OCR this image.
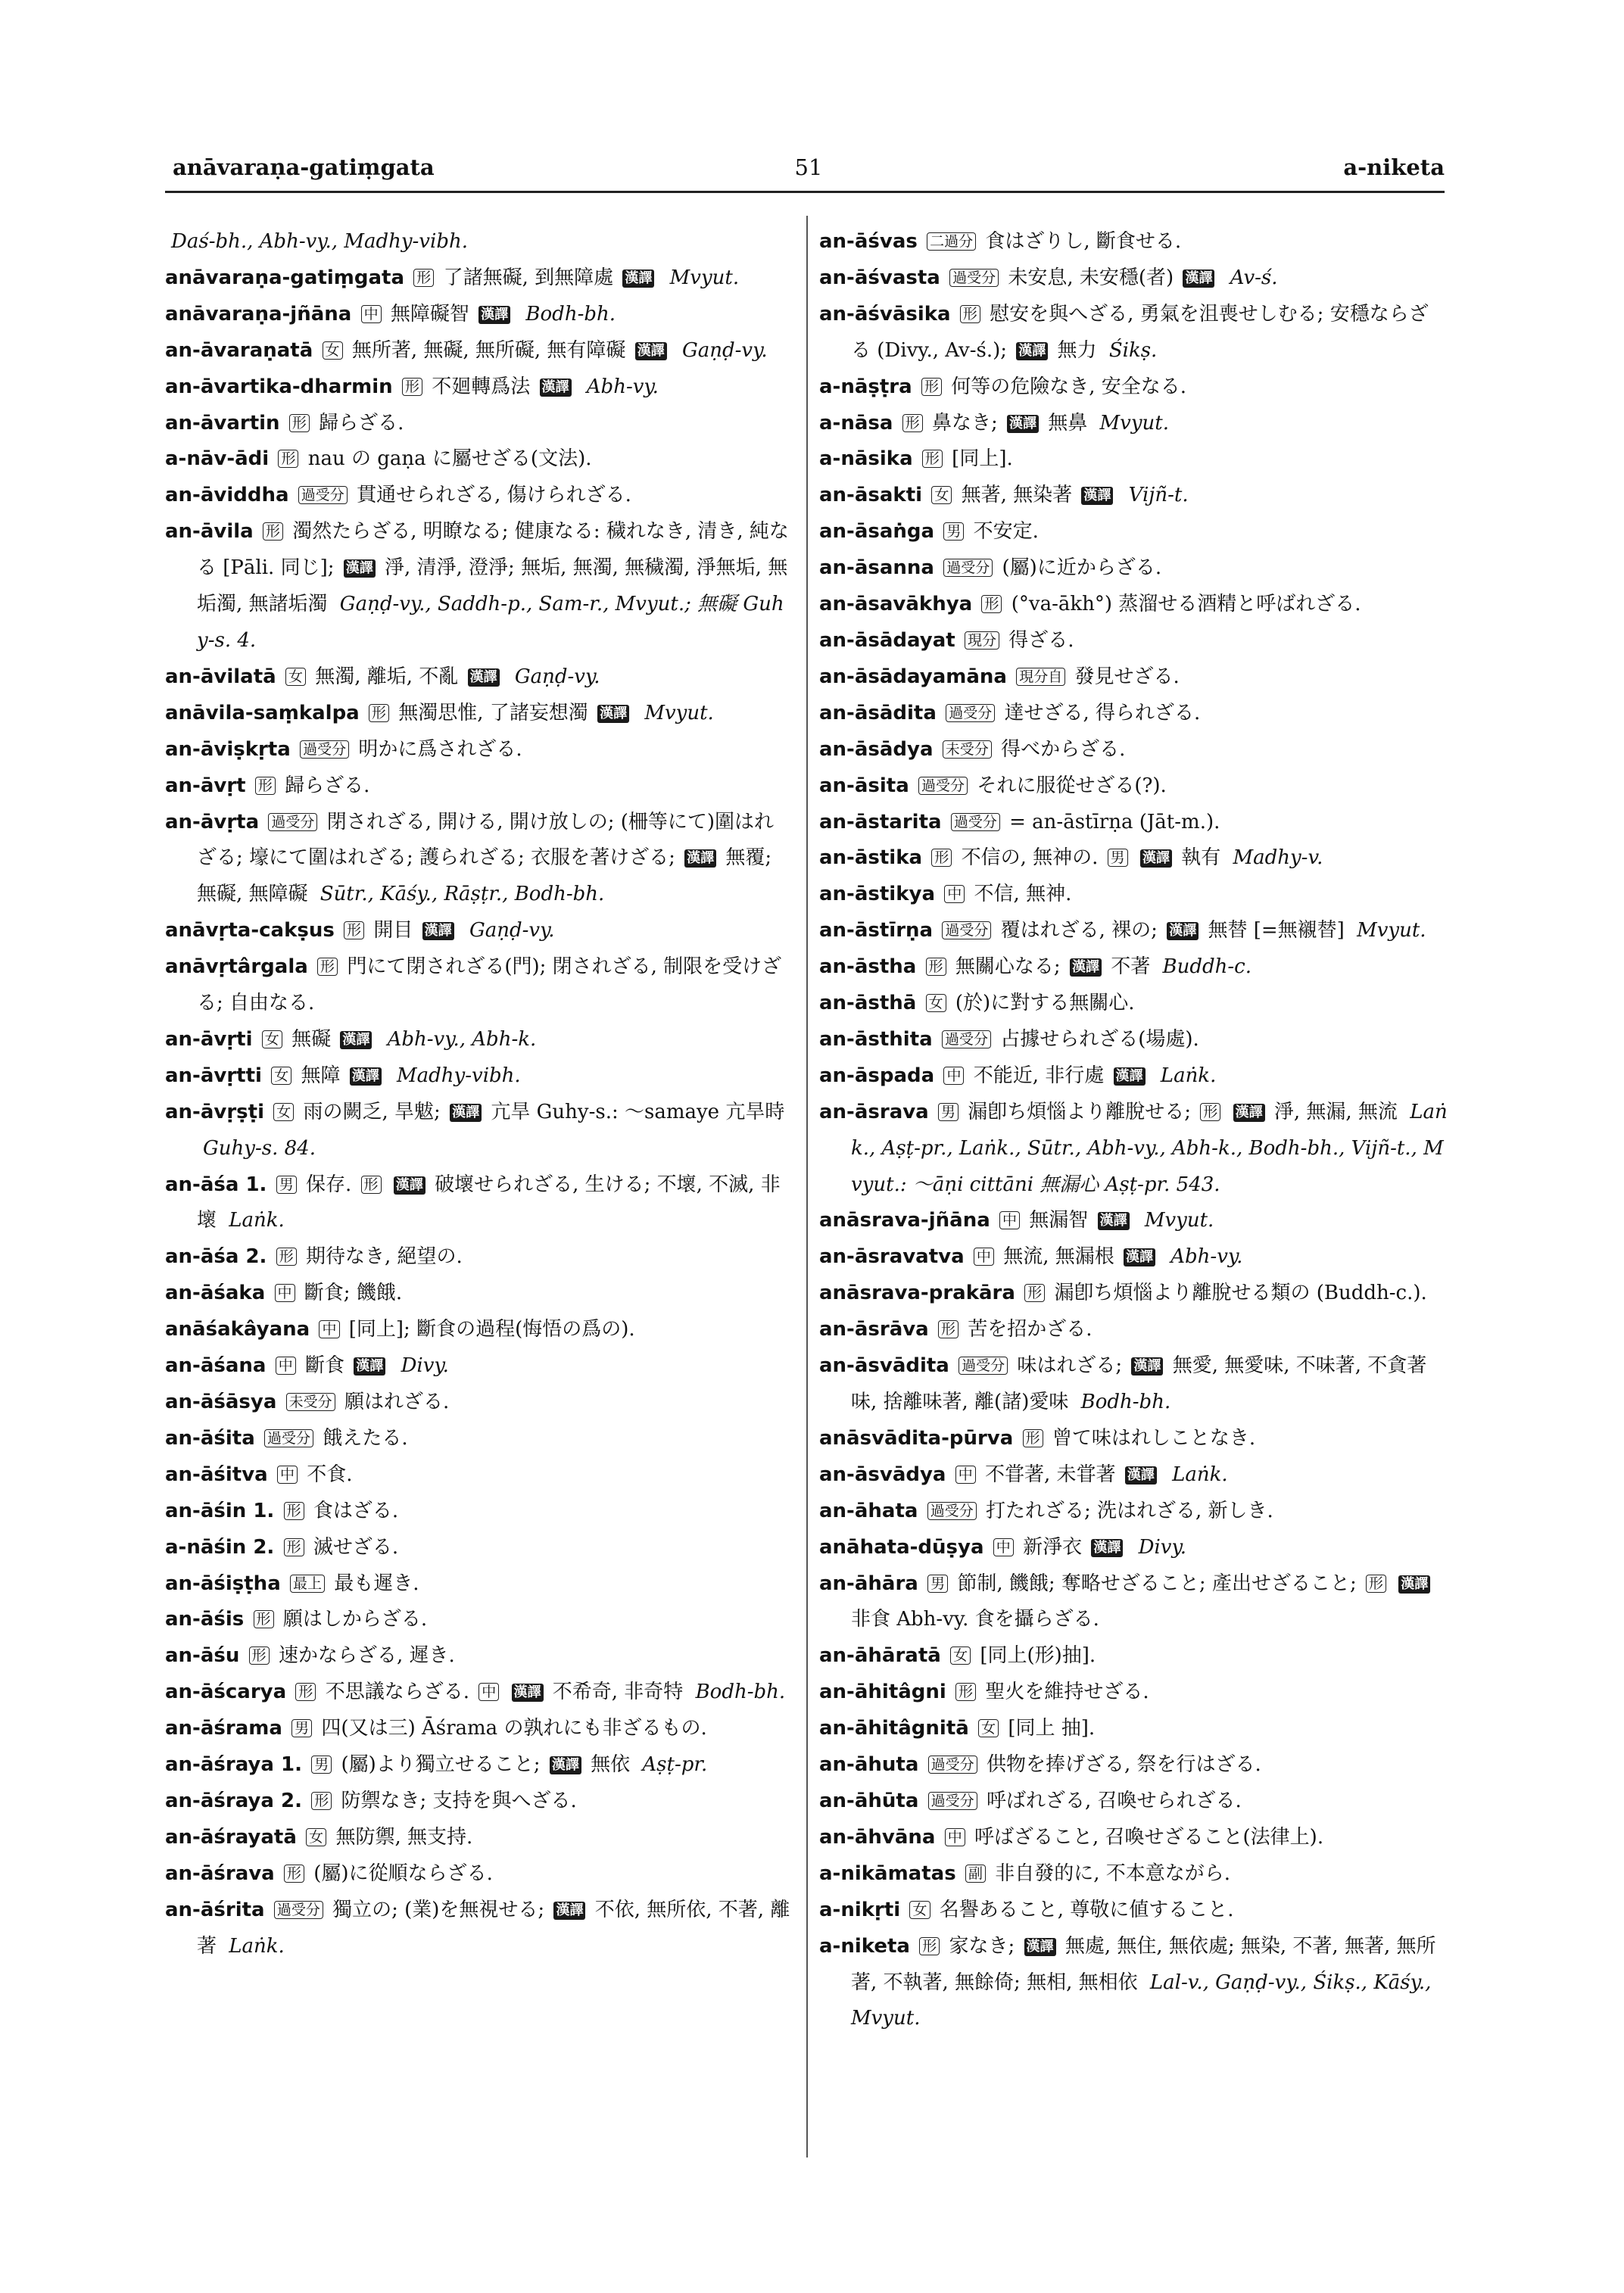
anāvaraṇa-gatiṃgata	51	a-niketa

Daś-bh., Abh-vy., Madhy-vibh.

anāvaraṇa-gatiṃgata 形 了諸無礙, 到無障處 漢譯 Mvyut.

anāvaraṇa-jñāna 中 無障礙智 漢譯 Bodh-bh.

an-āvaraṇatā 女 無所著, 無礙, 無所礙, 無有障礙 漢譯 Gaṇḍ-vy.

an-āvartika-dharmin 形 不廻轉爲法 漢譯 Abh-vy.

an-āvartin 形 歸らざる.

a-nāv-ādi 形 nau の gaṇa に屬せざる(文法).

an-āviddha 過受分 貫通せられざる, 傷けられざる.

an-āvila 形 濁然たらざる, 明瞭なる; 健康なる: 穢れなき, 清き, 純なる [Pāli. 同じ]; 漢譯 淨, 清淨, 澄淨; 無垢, 無濁, 無穢濁, 淨無垢, 無垢濁, 無諸垢濁 Gaṇḍ-vy., Saddh-p., Sam-r., Mvyut.; 無礙 Guhy-s. 4.

an-āvilatā 女 無濁, 離垢, 不亂 漢譯 Gaṇḍ-vy.

anāvila-saṃkalpa 形 無濁思惟, 了諸妄想濁 漢譯 Mvyut.

an-āviṣkṛta 過受分 明かに爲されざる.

an-āvṛt 形 歸らざる.

an-āvṛta 過受分 閉されざる, 開ける, 開け放しの; (柵等にて)圍はれざる; 壕にて圍はれざる; 護られざる; 衣服を著けざる; 漢譯 無覆; 無礙, 無障礙 Sūtr., Kāśy., Rāṣṭr., Bodh-bh.

anāvṛta-cakṣus 形 開目 漢譯 Gaṇḍ-vy.

anāvṛtârgala 形 門にて閉されざる(門); 閉されざる, 制限を受けざる; 自由なる.

an-āvṛti 女 無礙 漢譯 Abh-vy., Abh-k.

an-āvṛtti 女 無障 漢譯 Madhy-vibh.

an-āvṛṣṭi 女 雨の闕乏, 旱魃; 漢譯 亢旱 Guhy-s.: ～samaye 亢旱時 Guhy-s. 84.

an-āśa 1. 男 保存. 形 漢譯 破壞せられざる, 生ける; 不壞, 不滅, 非壞 Laṅk.

an-āśa 2. 形 期待なき, 絕望の.

an-āśaka 中 斷食; 饑餓.

anāśakâyana 中 [同上]; 斷食の過程(悔悟の爲の).

an-āśana 中 斷食 漢譯 Divy.

an-āśāsya 未受分 願はれざる.

an-āśita 過受分 餓えたる.

an-āśitva 中 不食.

an-āśin 1. 形 食はざる.

a-nāśin 2. 形 滅せざる.

an-āśiṣṭha 最上 最も遲き.

an-āśis 形 願はしからざる.

an-āśu 形 速かならざる, 遲き.

an-āścarya 形 不思議ならざる. 中 漢譯 不希奇, 非奇特 Bodh-bh.

an-āśrama 男 四(又は三) Āśrama の孰れにも非ざるもの.

an-āśraya 1. 男 (屬)より獨立せること; 漢譯 無依 Aṣṭ-pr.

an-āśraya 2. 形 防禦なき; 支持を與へざる.

an-āśrayatā 女 無防禦, 無支持.

an-āśrava 形 (屬)に從順ならざる.

an-āśrita 過受分 獨立の; (業)を無視せる; 漢譯 不依, 無所依, 不著, 離著 Laṅk.

an-āśvas 二過分 食はざりし, 斷食せる.

an-āśvasta 過受分 未安息, 未安穩(者) 漢譯 Av-ś.

an-āśvāsika 形 慰安を與へざる, 勇氣を沮喪せしむる; 安穩ならざる (Divy., Av-ś.); 漢譯 無力 Śikṣ.

a-nāṣṭra 形 何等の危險なき, 安全なる.

a-nāsa 形 鼻なき; 漢譯 無鼻 Mvyut.

a-nāsika 形 [同上].

an-āsakti 女 無著, 無染著 漢譯 Vijñ-t.

an-āsaṅga 男 不安定.

an-āsanna 過受分 (屬)に近からざる.

an-āsavākhya 形 (°va-ākh°) 蒸溜せる酒精と呼ばれざる.

an-āsādayat 現分 得ざる.

an-āsādayamāna 現分自 發見せざる.

an-āsādita 過受分 達せざる, 得られざる.

an-āsādya 未受分 得べからざる.

an-āsita 過受分 それに服從せざる(?).

an-āstarita 過受分 = an-āstīrṇa (Jāt-m.).

an-āstika 形 不信の, 無神の. 男 漢譯 執有 Madhy-v.

an-āstikya 中 不信, 無神.

an-āstīrṇa 過受分 覆はれざる, 裸の; 漢譯 無替 [=無襯替] Mvyut.

an-āstha 形 無關心なる; 漢譯 不著 Buddh-c.

an-āsthā 女 (於)に對する無關心.

an-āsthita 過受分 占據せられざる(場處).

an-āspada 中 不能近, 非行處 漢譯 Laṅk.

an-āsrava 男 漏卽ち煩惱より離脫せる; 形 漢譯 淨, 無漏, 無流 Laṅk., Aṣṭ-pr., Laṅk., Sūtr., Abh-vy., Abh-k., Bodh-bh., Vijñ-t., Mvyut.: ～āṇi cittāni 無漏心 Aṣṭ-pr. 543.

anāsrava-jñāna 中 無漏智 漢譯 Mvyut.

an-āsravatva 中 無流, 無漏根 漢譯 Abh-vy.

anāsrava-prakāra 形 漏卽ち煩惱より離脫せる類の (Buddh-c.).

an-āsrāva 形 苦を招かざる.

an-āsvādita 過受分 味はれざる; 漢譯 無愛, 無愛味, 不味著, 不貪著味, 捨離味著, 離(諸)愛味 Bodh-bh.

anāsvādita-pūrva 形 曾て味はれしことなき.

an-āsvādya 中 不甞著, 未甞著 漢譯 Laṅk.

an-āhata 過受分 打たれざる; 洗はれざる, 新しき.

anāhata-dūṣya 中 新淨衣 漢譯 Divy.

an-āhāra 男 節制, 饑餓; 奪略せざること; 產出せざること; 形 漢譯 非食 Abh-vy. 食を攝らざる.

an-āhāratā 女 [同上(形)抽].

an-āhitâgni 形 聖火を維持せざる.

an-āhitâgnitā 女 [同上 抽].

an-āhuta 過受分 供物を捧げざる, 祭を行はざる.

an-āhūta 過受分 呼ばれざる, 召喚せられざる.

an-āhvāna 中 呼ばざること, 召喚せざること(法律上).

a-nikāmatas 副 非自發的に, 不本意ながら.

a-nikṛti 女 名譽あること, 尊敬に値すること.

a-niketa 形 家なき; 漢譯 無處, 無住, 無依處; 無染, 不著, 無著, 無所著, 不執著, 無餘倚; 無相, 無相依 Lal-v., Gaṇḍ-vy., Śikṣ., Kāśy., Mvyut.
